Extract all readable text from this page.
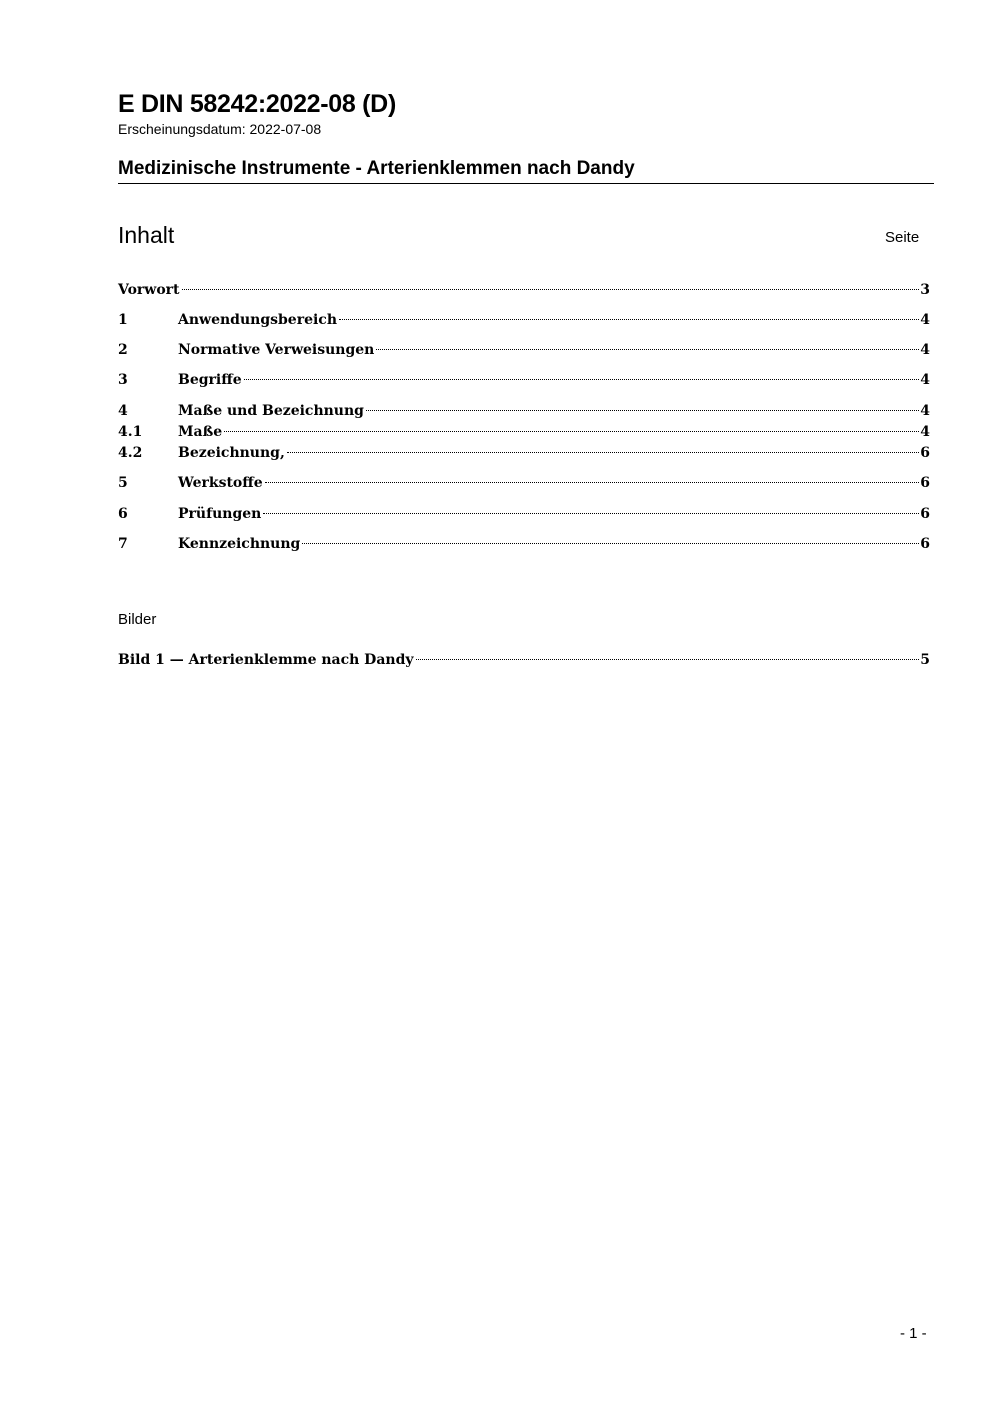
E DIN 58242:2022-08 (D)
Erscheinungsdatum: 2022-07-08
Medizinische Instrumente - Arterienklemmen nach Dandy
Inhalt	Seite
Vorwort	3
1	Anwendungsbereich	4
2	Normative Verweisungen	4
3	Begriffe	4
4	Maße und Bezeichnung	4
4.1	Maße	4
4.2	Bezeichnung,	6
5	Werkstoffe	6
6	Prüfungen	6
7	Kennzeichnung	6
Bilder
Bild 1 — Arterienklemme nach Dandy	5
- 1 -
